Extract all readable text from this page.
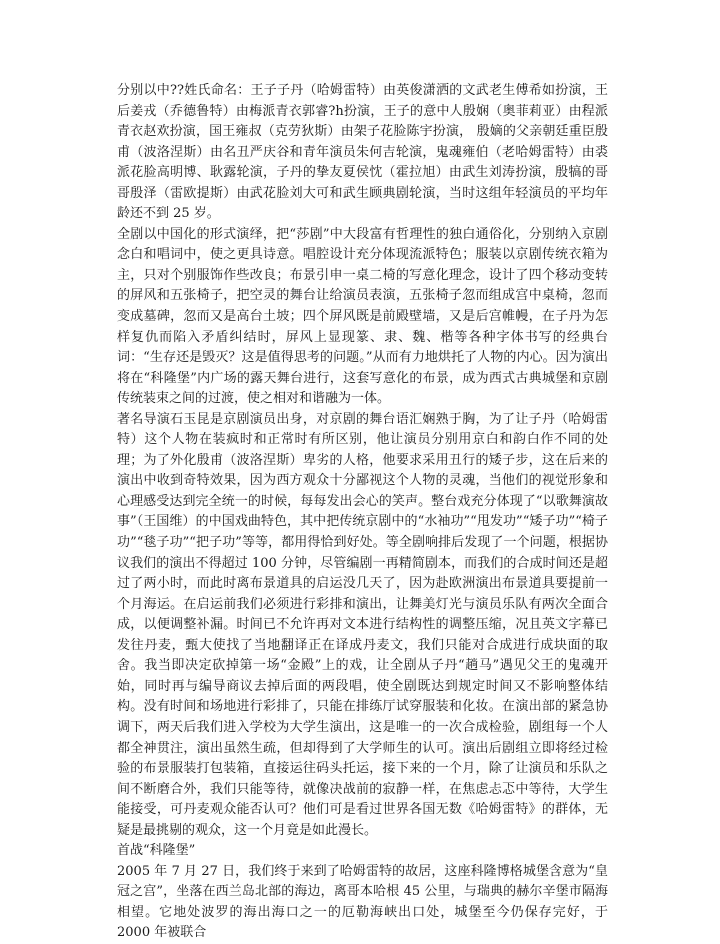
分别以中??姓氏命名：王子子丹（哈姆雷特）由英俊潇洒的文武老生傅希如扮演，王后姜戎（乔德鲁特）由梅派青衣郭睿?h扮演，王子的意中人殷娴（奥菲莉亚）由程派青衣赵欢扮演，国王雍叔（克劳狄斯）由架子花脸陈宇扮演， 殷嫡的父亲朝廷重臣殷甫（波洛涅斯）由名丑严庆谷和青年演员朱何吉轮演，鬼魂雍伯（老哈姆雷特）由裘派花脸高明博、耿露轮演，子丹的挚友夏侯忱（霍拉旭）由武生刘涛扮演，殷犒的哥哥殷泽（雷欧提斯）由武花脸刘大可和武生顾典剧轮演，当时这组年轻演员的平均年龄还不到 25 岁。

全剧以中国化的形式演绎，把“莎剧”中大段富有哲理性的独白通俗化，分别纳入京剧念白和唱词中，使之更具诗意。唱腔设计充分体现流派特色；服装以京剧传统衣箱为主，只对个别服饰作些改良；布景引申一桌二椅的写意化理念，设计了四个移动变转的屏风和五张椅子，把空灵的舞台让给演员表演，五张椅子忽而组成宫中桌椅，忽而变成墓碑，忽而又是高台土坡；四个屏风既是前殿壁墙，又是后宫帷幔，在子丹为怎样复仇而陷入矛盾纠结时，屏风上显现篆、隶、魏、楷等各种字体书写的经典台词：“生存还是毁灭？这是值得思考的问题。”从而有力地烘托了人物的内心。因为演出将在“科隆堡”内广场的露天舞台进行，这套写意化的布景，成为西式古典城堡和京剧传统装束之间的过渡，使之相对和谐融为一体。

著名导演石玉昆是京剧演员出身，对京剧的舞台语汇娴熟于胸，为了让子丹（哈姆雷特）这个人物在装疯时和正常时有所区别，他让演员分别用京白和韵白作不同的处理；为了外化殷甫（波洛涅斯）卑劣的人格，他要求采用丑行的矮子步，这在后来的演出中收到奇特效果，因为西方观众十分鄙视这个人物的灵魂，当他们的视觉形象和心理感受达到完全统一的时候，每每发出会心的笑声。整台戏充分体现了“以歌舞演故事”（王国维）的中国戏曲特色，其中把传统京剧中的“水袖功”“甩发功”“矮子功”“椅子功”“毯子功”“把子功”等等，都用得恰到好处。等全剧响排后发现了一个问题，根据协议我们的演出不得超过 100 分钟，尽管编剧一再精简剧本，而我们的合成时间还是超过了两小时，而此时离布景道具的启运没几天了，因为赴欧洲演出布景道具要提前一个月海运。在启运前我们必须进行彩排和演出，让舞美灯光与演员乐队有两次全面合成，以便调整补漏。时间已不允许再对文本进行结构性的调整压缩，况且英文字幕已发往丹麦，甄大使找了当地翻译正在译成丹麦文，我们只能对合成进行成块面的取舍。我当即决定砍掉第一场“金殿”上的戏，让全剧从子丹“趟马”遇见父王的鬼魂开始，同时再与编导商议去掉后面的两段唱，使全剧既达到规定时间又不影响整体结构。没有时间和场地进行彩排了，只能在排练厅试穿服装和化妆。在演出部的紧急协调下，两天后我们进入学校为大学生演出，这是唯一的一次合成检验，剧组每一个人都全神贯注，演出虽然生疏，但却得到了大学师生的认可。演出后剧组立即将经过检验的布景服装打包装箱，直接运往码头托运，接下来的一个月，除了让演员和乐队之间不断磨合外，我们只能等待，就像决战前的寂静一样，在焦虑忐忑中等待，大学生能接受，可丹麦观众能否认可？他们可是看过世界各国无数《哈姆雷特》的群体，无疑是最挑剔的观众，这一个月竟是如此漫长。

首战“科隆堡”

2005 年 7 月 27 日，我们终于来到了哈姆雷特的故居，这座科隆博格城堡含意为“皇冠之宫”，坐落在西兰岛北部的海边，离哥本哈根 45 公里，与瑞典的赫尔辛堡市隔海相望。它地处波罗的海出海口之一的厄勒海峡出口处，城堡至今仍保存完好，于 2000 年被联合
